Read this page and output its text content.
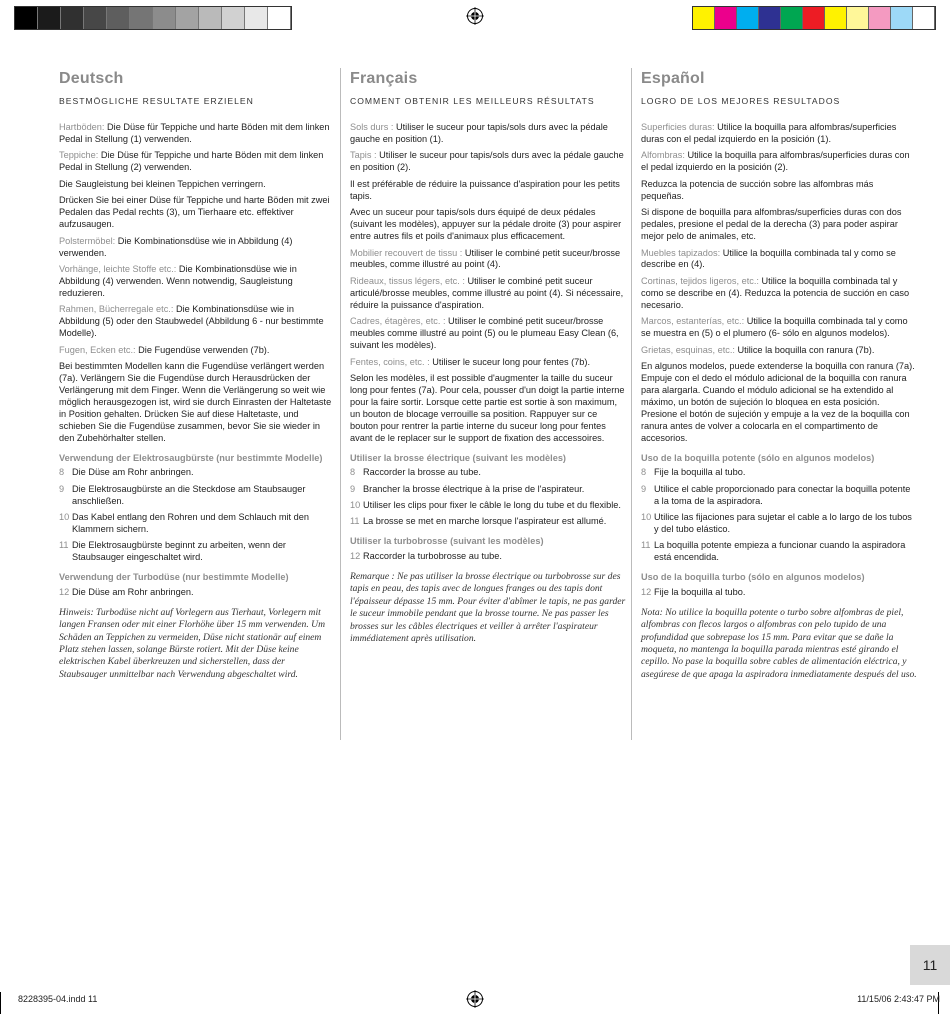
Deutsch
BESTMÖGLICHE RESULTATE ERZIELEN

Hartböden: Die Düse für Teppiche und harte Böden mit dem linken Pedal in Stellung (1) verwenden.

Teppiche: Die Düse für Teppiche und harte Böden mit dem linken Pedal in Stellung (2) verwenden.

Die Saugleistung bei kleinen Teppichen verringern.

Drücken Sie bei einer Düse für Teppiche und harte Böden mit zwei Pedalen das Pedal rechts (3), um Tierhaare etc. effektiver aufzusaugen.

Polstermöbel: Die Kombinationsdüse wie in Abbildung (4) verwenden.

Vorhänge, leichte Stoffe etc.: Die Kombinationsdüse wie in Abbildung (4) verwenden. Wenn notwendig, Saugleistung reduzieren.

Rahmen, Bücherregale etc.: Die Kombinationsdüse wie in Abbildung (5) oder den Staubwedel (Abbildung 6 - nur bestimmte Modelle).

Fugen, Ecken etc.: Die Fugendüse verwenden (7b).

Bei bestimmten Modellen kann die Fugendüse verlängert werden (7a). Verlängern Sie die Fugendüse durch Herausdrücken der Verlängerung mit dem Finger. Wenn die Verlängerung so weit wie möglich herausgezogen ist, wird sie durch Einrasten der Haltetaste in Position gehalten. Drücken Sie auf diese Haltetaste, und schieben Sie die Fugendüse zusammen, bevor Sie sie wieder in den Zubehörhalter stellen.

Verwendung der Elektrosaugbürste (nur bestimmte Modelle)
8 Die Düse am Rohr anbringen.
9 Die Elektrosaugbürste an die Steckdose am Staubsauger anschließen.
10 Das Kabel entlang den Rohren und dem Schlauch mit den Klammern sichern.
11 Die Elektrosaugbürste beginnt zu arbeiten, wenn der Staubsauger eingeschaltet wird.
Verwendung der Turbodüse (nur bestimmte Modelle)
12 Die Düse am Rohr anbringen.
Hinweis: Turbodüse nicht auf Vorlegern aus Tierhaut, Vorlegern mit langen Fransen oder mit einer Florhöhe über 15 mm verwenden. Um Schäden an Teppichen zu vermeiden, Düse nicht stationär auf einem Platz stehen lassen, solange Bürste rotiert. Mit der Düse keine elektrischen Kabel überkreuzen und sicherstellen, dass der Staubsauger unmittelbar nach Verwendung abgeschaltet wird.
Français
COMMENT OBTENIR LES MEILLEURS RÉSULTATS

Sols durs : Utiliser le suceur pour tapis/sols durs avec la pédale gauche en position (1).

Tapis : Utiliser le suceur pour tapis/sols durs avec la pédale gauche en position (2).

Il est préférable de réduire la puissance d'aspiration pour les petits tapis.

Avec un suceur pour tapis/sols durs équipé de deux pédales (suivant les modèles), appuyer sur la pédale droite (3) pour aspirer entre autres fils et poils d'animaux plus efficacement.

Mobilier recouvert de tissu : Utiliser le combiné petit suceur/brosse meubles, comme illustré au point (4).

Rideaux, tissus légers, etc. : Utiliser le combiné petit suceur articulé/brosse meubles, comme illustré au point (4). Si nécessaire, réduire la puissance d'aspiration.

Cadres, étagères, etc. : Utiliser le combiné petit suceur/brosse meubles comme illustré au point (5) ou le plumeau Easy Clean (6, suivant les modèles).

Fentes, coins, etc. : Utiliser le suceur long pour fentes (7b).

Selon les modèles, il est possible d'augmenter la taille du suceur long pour fentes (7a). Pour cela, pousser d'un doigt la partie interne pour la faire sortir. Lorsque cette partie est sortie à son maximum, un bouton de blocage verrouille sa position. Rappuyer sur ce bouton pour rentrer la partie interne du suceur long pour fentes avant de le replacer sur le support de fixation des accessoires.

Utiliser la brosse électrique (suivant les modèles)
8 Raccorder la brosse au tube.
9 Brancher la brosse électrique à la prise de l'aspirateur.
10 Utiliser les clips pour fixer le câble le long du tube et du flexible.
11 La brosse se met en marche lorsque l'aspirateur est allumé.
Utiliser la turbobrosse (suivant les modèles)
12 Raccorder la turbobrosse au tube.
Remarque : Ne pas utiliser la brosse électrique ou turbobrosse sur des tapis en peau, des tapis avec de longues franges ou des tapis dont l'épaisseur dépasse 15 mm. Pour éviter d'abîmer le tapis, ne pas garder le suceur immobile pendant que la brosse tourne. Ne pas passer les brosses sur les câbles électriques et veiller à arrêter l'aspirateur immédiatement après utilisation.
Español
LOGRO DE LOS MEJORES RESULTADOS

Superficies duras: Utilice la boquilla para alfombras/superficies duras con el pedal izquierdo en la posición (1).

Alfombras: Utilice la boquilla para alfombras/superficies duras con el pedal izquierdo en la posición (2).

Reduzca la potencia de succión sobre las alfombras más pequeñas.

Si dispone de boquilla para alfombras/superficies duras con dos pedales, presione el pedal de la derecha (3) para poder aspirar mejor pelo de animales, etc.

Muebles tapizados: Utilice la boquilla combinada tal y como se describe en (4).

Cortinas, tejidos ligeros, etc.: Utilice la boquilla combinada tal y como se describe en (4). Reduzca la potencia de succión en caso necesario.

Marcos, estanterías, etc.: Utilice la boquilla combinada tal y como se muestra en (5) o el plumero (6- sólo en algunos modelos).

Grietas, esquinas, etc.: Utilice la boquilla con ranura (7b).

En algunos modelos, puede extenderse la boquilla con ranura (7a). Empuje con el dedo el módulo adicional de la boquilla con ranura para alargarla. Cuando el módulo adicional se ha extendido al máximo, un botón de sujeción lo bloquea en esta posición. Presione el botón de sujeción y empuje a la vez de la boquilla con ranura antes de volver a colocarla en el compartimento de accesorios.

Uso de la boquilla potente (sólo en algunos modelos)
8 Fije la boquilla al tubo.
9 Utilice el cable proporcionado para conectar la boquilla potente a la toma de la aspiradora.
10 Utilice las fijaciones para sujetar el cable a lo largo de los tubos y del tubo elástico.
11 La boquilla potente empieza a funcionar cuando la aspiradora está encendida.
Uso de la boquilla turbo (sólo en algunos modelos)
12 Fije la boquilla al tubo.
Nota: No utilice la boquilla potente o turbo sobre alfombras de piel, alfombras con flecos largos o alfombras con pelo tupido de una profundidad que sobrepase los 15 mm. Para evitar que se dañe la moqueta, no mantenga la boquilla parada mientras esté girando el cepillo. No pase la boquilla sobre cables de alimentación eléctrica, y asegúrese de que apaga la aspiradora inmediatamente después del uso.
11
8228395-04.indd 11	11/15/06 2:43:47 PM
